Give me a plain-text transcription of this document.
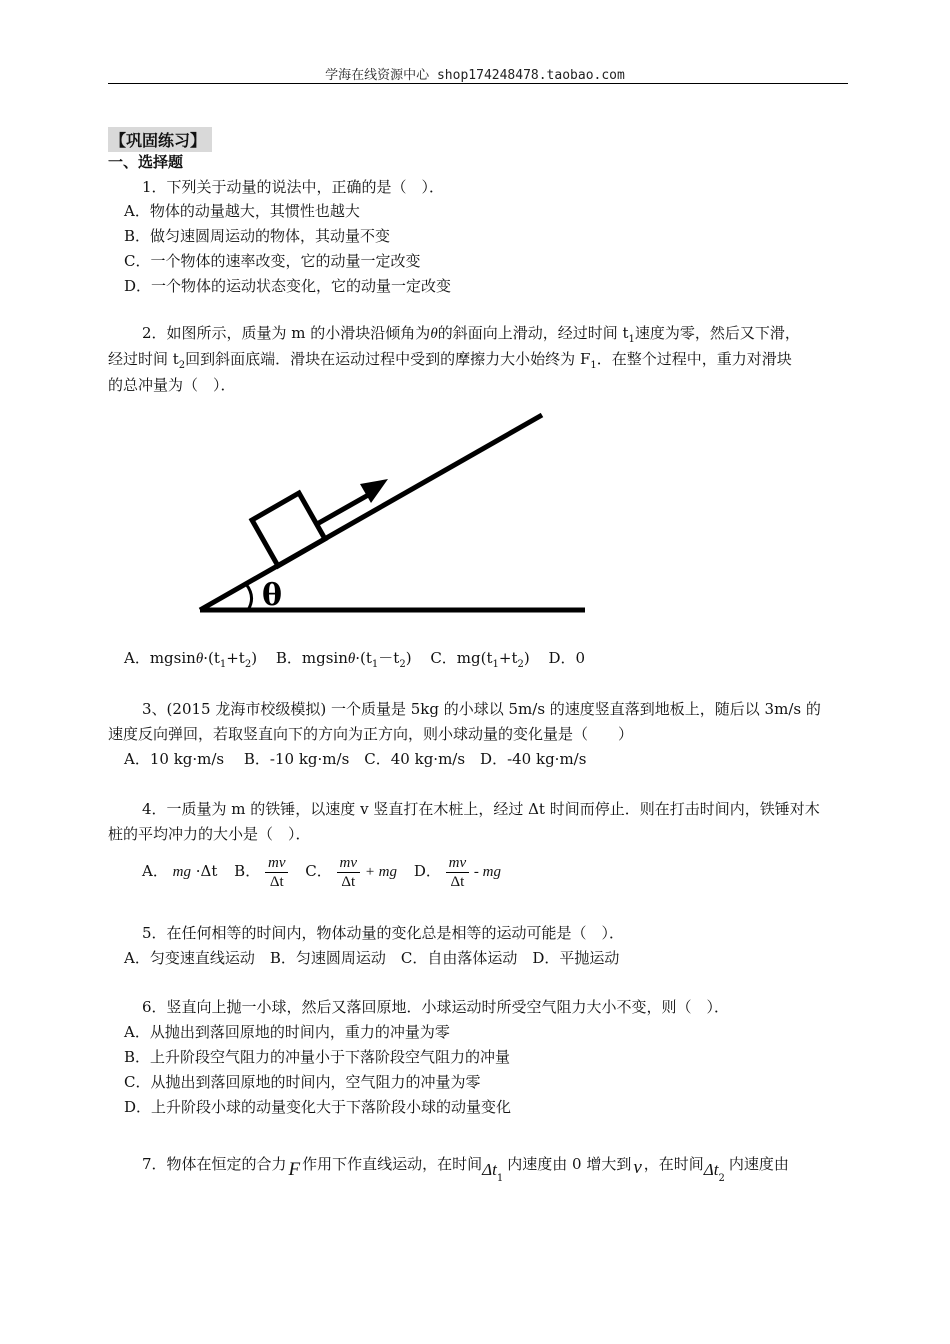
学海在线资源中心 shop174248478.taobao.com
【巩固练习】
一、选择题
1．下列关于动量的说法中，正确的是（　）．
A．物体的动量越大，其惯性也越大
B．做匀速圆周运动的物体，其动量不变
C．一个物体的速率改变，它的动量一定改变
D．一个物体的运动状态变化，它的动量一定改变
2．如图所示，质量为 m 的小滑块沿倾角为θ的斜面向上滑动，经过时间 $t_1$速度为零，然后又下滑，
经过时间 $t_2$回到斜面底端．滑块在运动过程中受到的摩擦力大小始终为 $F_1$．在整个过程中，重力对滑块
的总冲量为（　）．
θ
A．$mgsin\theta\cdot(t_1+t_2)$ B．$mgsin\theta\cdot(t_1-t_2)$ C．$mg(t_1+t_2)$ D．0
3、(2015 龙海市校级模拟) 一个质量是 5kg 的小球以 5m/s 的速度竖直落到地板上，随后以 3m/s 的
速度反向弹回，若取竖直向下的方向为正方向，则小球动量的变化量是（　　）
A．10 kg·m/s　 B．-10 kg·m/s　C．40 kg·m/s　D．-40 kg·m/s
4．一质量为 m 的铁锤，以速度 v 竖直打在木桩上，经过 Δt 时间而停止．则在打击时间内，铁锤对木
桩的平均冲力的大小是（　）．
A． mg ·Δt B． $\frac{mv}{\Delta t}$ C． $\frac{mv}{\Delta t}$ + mg D． $\frac{mv}{\Delta t}$ - mg
5．在任何相等的时间内，物体动量的变化总是相等的运动可能是（　）．
A．匀变速直线运动　B．匀速圆周运动　C．自由落体运动　D．平抛运动
6．竖直向上抛一小球，然后又落回原地．小球运动时所受空气阻力大小不变，则（　）．
A．从抛出到落回原地的时间内，重力的冲量为零
B．上升阶段空气阻力的冲量小于下落阶段空气阻力的冲量
C．从抛出到落回原地的时间内，空气阻力的冲量为零
D．上升阶段小球的动量变化大于下落阶段小球的动量变化
7．物体在恒定的合力 F 作用下作直线运动，在时间$\Delta t_1$内速度由 0 增大到 v ，在时间$\Delta t_2$内速度由
